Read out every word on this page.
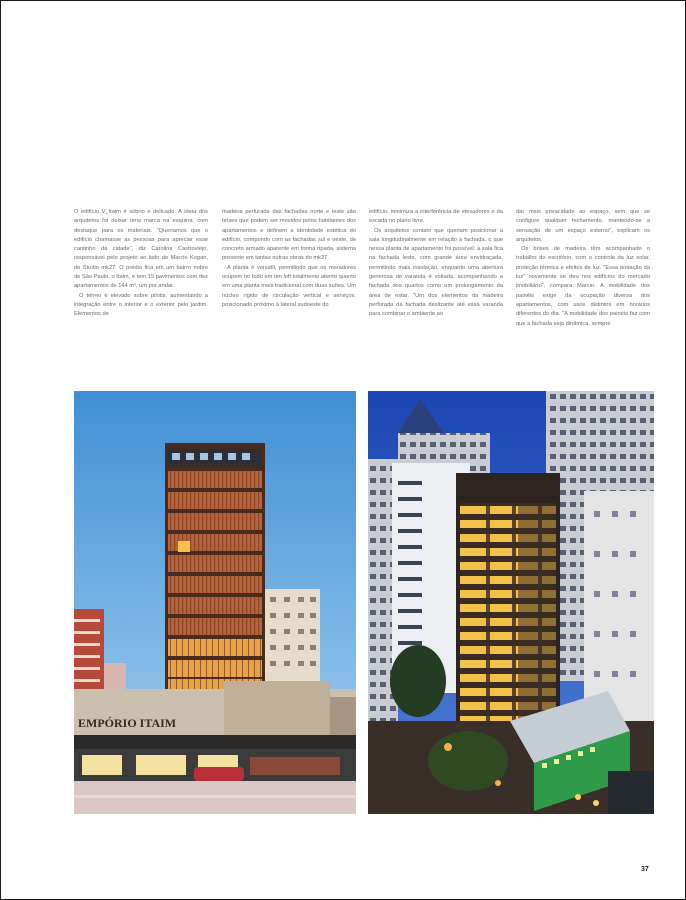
O edifício V_Itaim é sóbrio e delicado. A ideia dos arquitetos foi deixar uma marca na esquina, com destaque para os materiais. "Queríamos que o edifício chamasse as pessoas para apreciar esse cantinho da cidade", diz Carolina Castroviejo, responsável pelo projeto ao lado de Marcio Kogan, do Studio mk27. O prédio fica em um bairro nobre de São Paulo, o Itaim, e tem 15 pavimentos com dez apartamentos de 144 m², um por andar.

O térreo é elevado sobre pilotis, aumentando a integração entre o interior e o exterior pelo jardim. Elementos de

madeira perfurada das fachadas norte e leste são brises que podem ser movidos pelos habitantes dos apartamentos e definem a identidade estética do edifício, compondo com as fachadas sul e oeste, de concreto armado aparente em forma ripada, sistema presente em tantas outras obras do mk27.

A planta é versátil, permitindo que os moradores ocupem no todo em um loft totalmente aberto quanto em uma planta mais tradicional com duas suítes. Um núcleo rígido de circulação vertical e serviços, posicionado próximo à lateral sudoeste do

edifício, minimiza a interferência de elevadores e da escada no plano livre.

Os arquitetos contam que queriam posicionar a sala longitudinalmente em relação à fachada, o que nessa planta de apartamento foi possível: a sala fica na fachada leste, com grande área envidraçada, permitindo mais insolação, enquanto uma abertura generosa de varanda é voltada, acompanhando a fachada dos quartos como um prolongamento da área de estar. "Um dos elementos da madeira perfurada da fachada deslizante até essa varanda para combinar o ambiente ao

dar mais privacidade ao espaço, sem que se configure qualquer fechamento, mantendo-se a sensação de um espaço externo", explicam os arquitetos.

Os brises de madeira têm acompanhado o trabalho do escritório, com o controle da luz solar, proteção térmica e efeitos de luz. "Essa tentação da luz" novamente se deu nos edifícios do mercado imobiliário", compara Marcio. A mobilidade dos painéis exige da ocupação diversa dos apartamentos, com usos distintos em horários diferentes do dia. "A mobilidade dos painéis faz com que a fachada seja dinâmica, sempre

EMPÓRIO ITAIM
37
